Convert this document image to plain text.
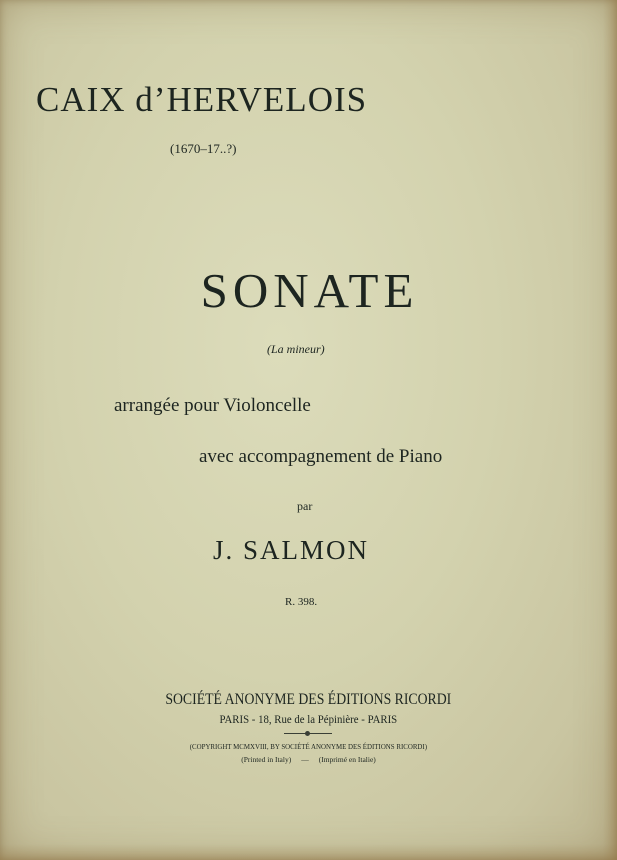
CAIX d’HERVELOIS
(1670–17..?)
SONATE
(La mineur)
arrangée pour Violoncelle
avec accompagnement de Piano
par
J. SALMON
R. 398.
SOCIÉTÉ ANONYME DES ÉDITIONS RICORDI
PARIS - 18, Rue de la Pépinière - PARIS
(COPYRIGHT MCMXVIII, BY SOCIÉTÉ ANONYME DES ÉDITIONS RICORDI)
(Printed in Italy) — (Imprimé en Italie)
